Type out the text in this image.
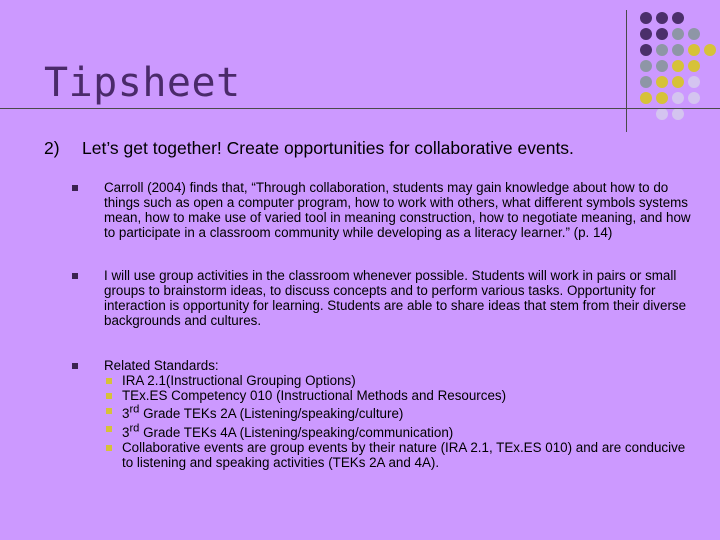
Tipsheet
2) Let’s get together! Create opportunities for collaborative events.
Carroll (2004) finds that, “Through collaboration, students may gain knowledge about how to do things such as open a computer program, how to work with others, what different symbols systems mean, how to make use of varied tool in meaning construction, how to negotiate meaning, and how to participate in a classroom community while developing as a literacy learner.” (p. 14)
I will use group activities in the classroom whenever possible. Students will work in pairs or small groups to brainstorm ideas, to discuss concepts and to perform various tasks. Opportunity for interaction is opportunity for learning. Students are able to share ideas that stem from their diverse backgrounds and cultures.
Related Standards:
IRA 2.1(Instructional Grouping Options)
TEx.ES Competency 010 (Instructional Methods and Resources)
3rd Grade TEKs 2A (Listening/speaking/culture)
3rd Grade TEKs 4A (Listening/speaking/communication)
Collaborative events are group events by their nature (IRA 2.1, TEx.ES 010) and are conducive to listening and speaking activities (TEKs 2A and 4A).
